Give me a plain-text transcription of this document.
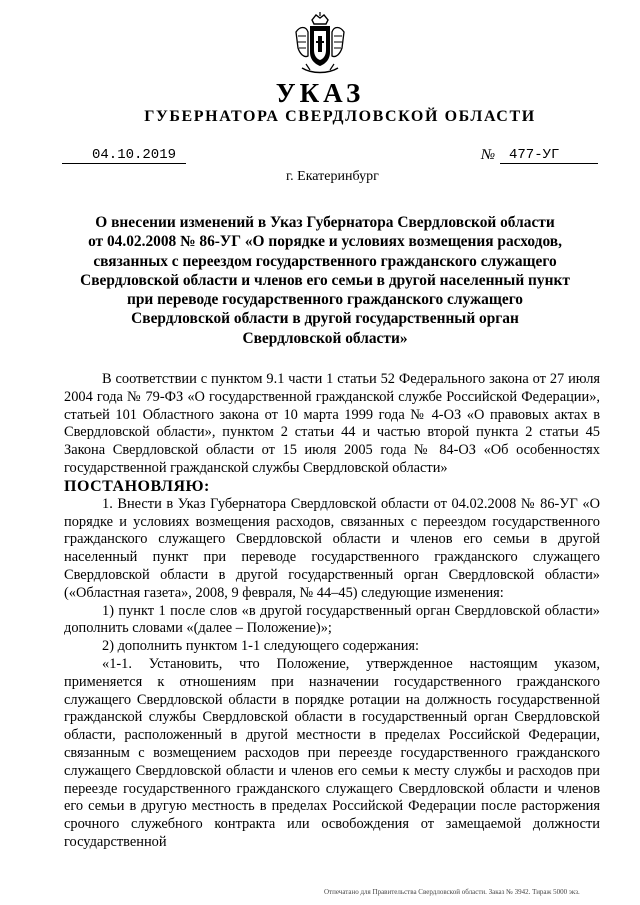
УКАЗ
ГУБЕРНАТОРА СВЕРДЛОВСКОЙ ОБЛАСТИ
04.10.2019	№ 477-УГ
г. Екатеринбург
О внесении изменений в Указ Губернатора Свердловской области
от 04.02.2008 № 86-УГ «О порядке и условиях возмещения расходов,
связанных с переездом государственного гражданского служащего
Свердловской области и членов его семьи в другой населенный пункт
при переводе государственного гражданского служащего
Свердловской области в другой государственный орган
Свердловской области»

В соответствии с пунктом 9.1 части 1 статьи 52 Федерального закона от 27 июля 2004 года № 79-ФЗ «О государственной гражданской службе Российской Федерации», статьей 101 Областного закона от 10 марта 1999 года № 4-ОЗ «О правовых актах в Свердловской области», пунктом 2 статьи 44 и частью второй пункта 2 статьи 45 Закона Свердловской области от 15 июля 2005 года № 84-ОЗ «Об особенностях государственной гражданской службы Свердловской области»

ПОСТАНОВЛЯЮ:

1. Внести в Указ Губернатора Свердловской области от 04.02.2008 № 86-УГ «О порядке и условиях возмещения расходов, связанных с переездом государственного гражданского служащего Свердловской области и членов его семьи в другой населенный пункт при переводе государственного гражданского служащего Свердловской области в другой государственный орган Свердловской области» («Областная газета», 2008, 9 февраля, № 44–45) следующие изменения:

1) пункт 1 после слов «в другой государственный орган Свердловской области» дополнить словами «(далее – Положение)»;

2) дополнить пунктом 1-1 следующего содержания:

«1-1. Установить, что Положение, утвержденное настоящим указом, применяется к отношениям при назначении государственного гражданского служащего Свердловской области в порядке ротации на должность государственной гражданской службы Свердловской области в государственный орган Свердловской области, расположенный в другой местности в пределах Российской Федерации, связанным с возмещением расходов при переезде государственного гражданского служащего Свердловской области и членов его семьи к месту службы и расходов при переезде государственного гражданского служащего Свердловской области и членов его семьи в другую местность в пределах Российской Федерации после расторжения срочного служебного контракта или освобождения от замещаемой должности государственной

Отпечатано для Правительства Свердловской области. Заказ № 3942. Тираж 5000 экз.
